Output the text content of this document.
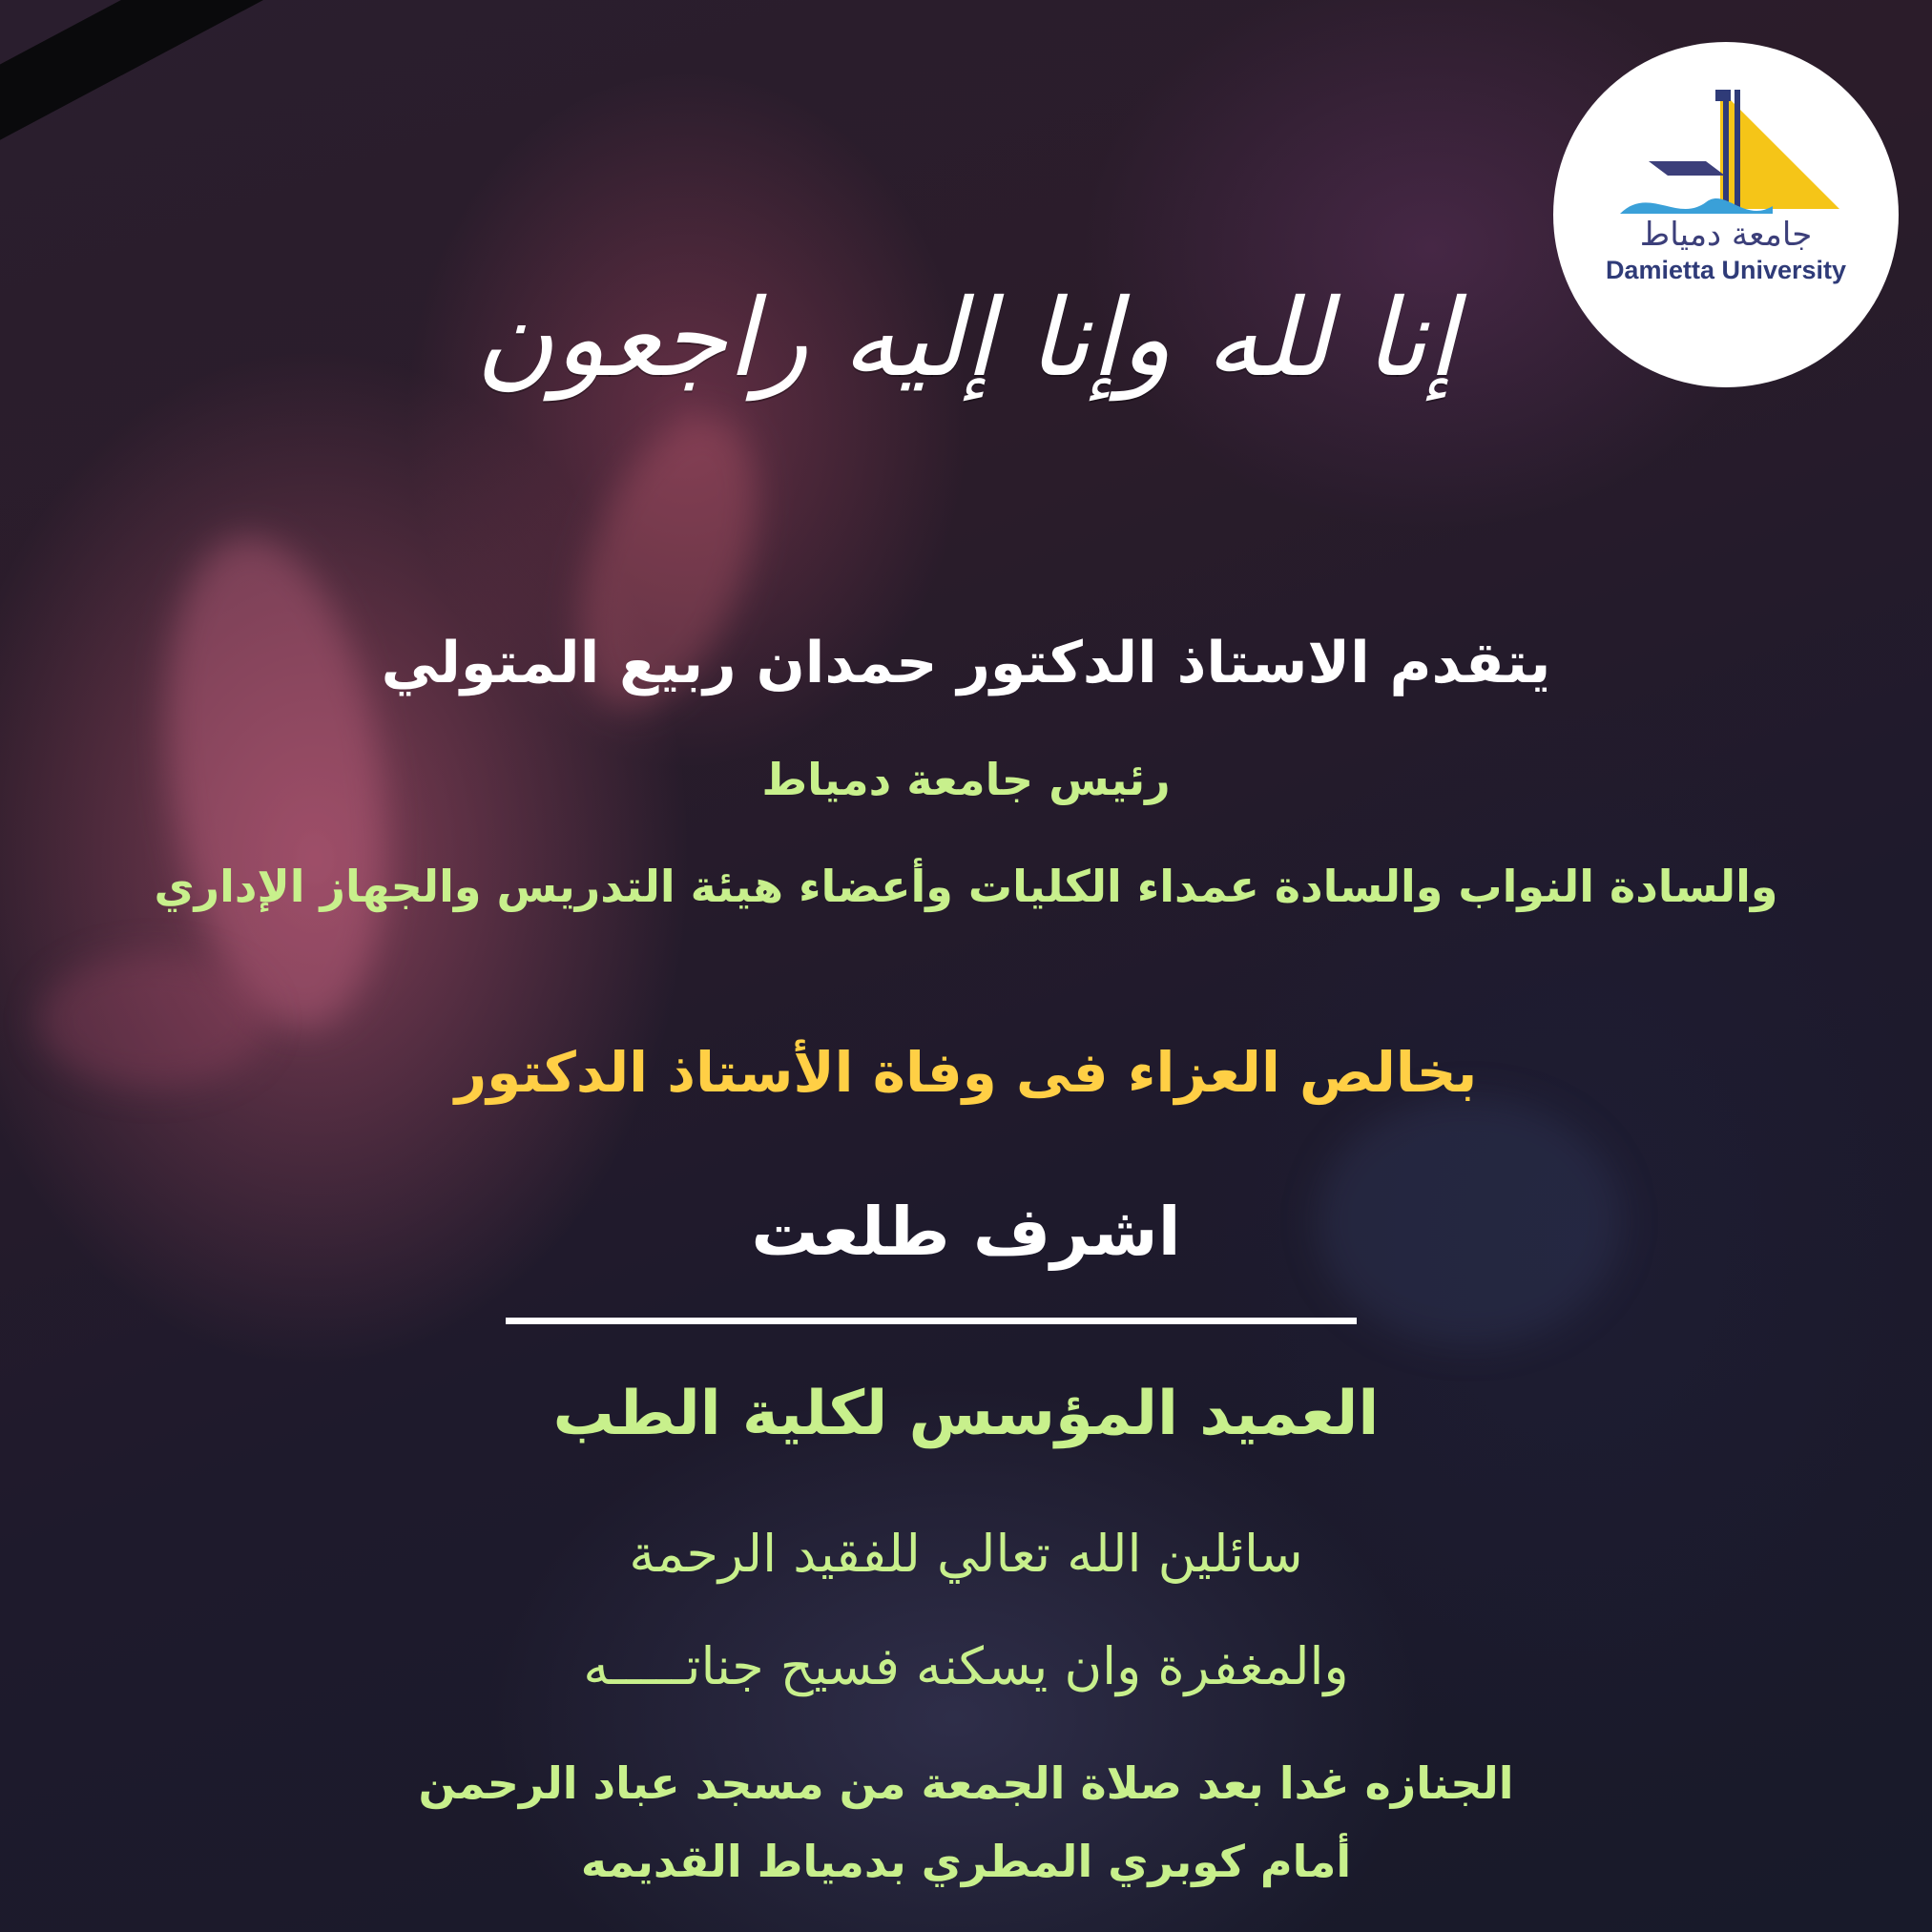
جامعة دمياط
Damietta University
إنا لله وإنا إليه راجعون
يتقدم الاستاذ الدكتور حمدان ربيع المتولي
رئيس جامعة دمياط
والسادة النواب والسادة عمداء الكليات وأعضاء هيئة التدريس والجهاز الإداري
بخالص العزاء فى وفاة الأستاذ الدكتور
اشرف طلعت
العميد المؤسس لكلية الطب
سائلين الله تعالي للفقيد الرحمة
والمغفرة وان يسكنه فسيح جناتـــــه
الجنازه غدا بعد صلاة الجمعة من مسجد عباد الرحمن
أمام كوبري المطري بدمياط القديمه
